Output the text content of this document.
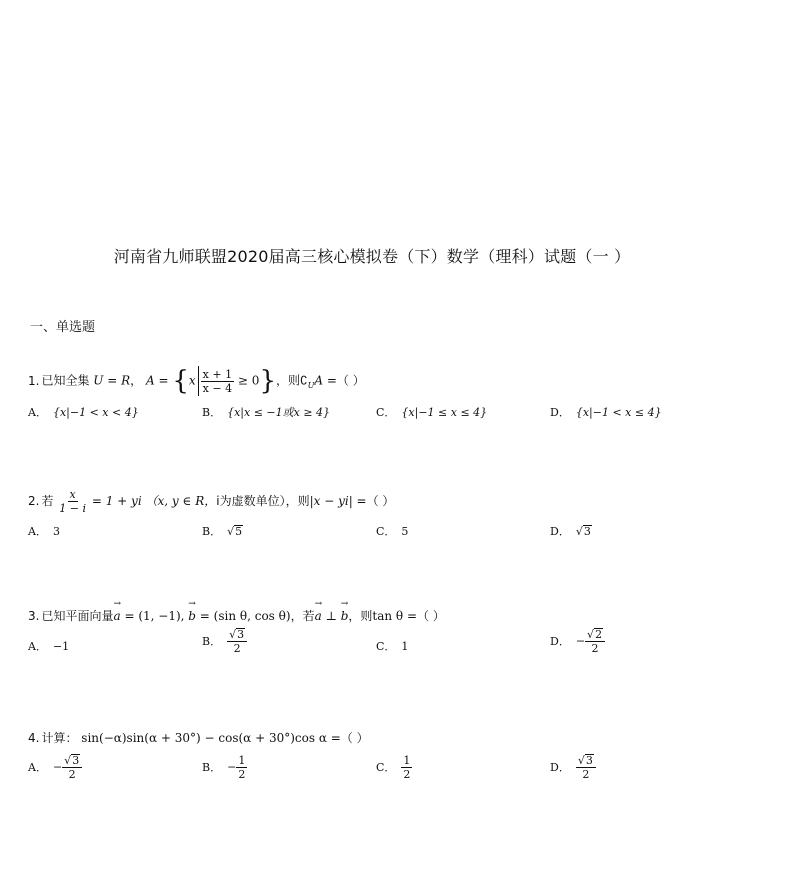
河南省九师联盟2020届高三核心模拟卷（下）数学（理科）试题（一 ）
一、单选题
1. 已知全集 U = R， $A = \{x \frac{x + 1}{x - 4} \ge 0\}$，则$∁_UA$ =（ ）
A． {x|−1 < x < 4}	B． {x|x ≤ −1或x ≥ 4}	C． {x|−1 ≤ x ≤ 4}	D． {x|−1 < x ≤ 4}
2. 若 $\frac{x}{1 - i} = 1$ + yi （x, y ∈ R，i为虚数单位），则|x − yi| =（ ）
A． 3	B． √5	C． 5	D． √3
3. 已知平面向量→ a = (1, −1), → b = (sin θ, cos θ)，若→ a ⊥ → b，则tan θ =（ ）
A． −1	B． $\frac{√3}{2}$	C． 1	D． − $\frac{√2}{2}$
4. 计算： sin(−α)sin(α + 30°) − cos(α + 30°)cos α =（ ）
A． − $\frac{√3}{2}$	B． − $\frac{1}{2}$	C． $\frac{1}{2}$	D． $\frac{√3}{2}$
